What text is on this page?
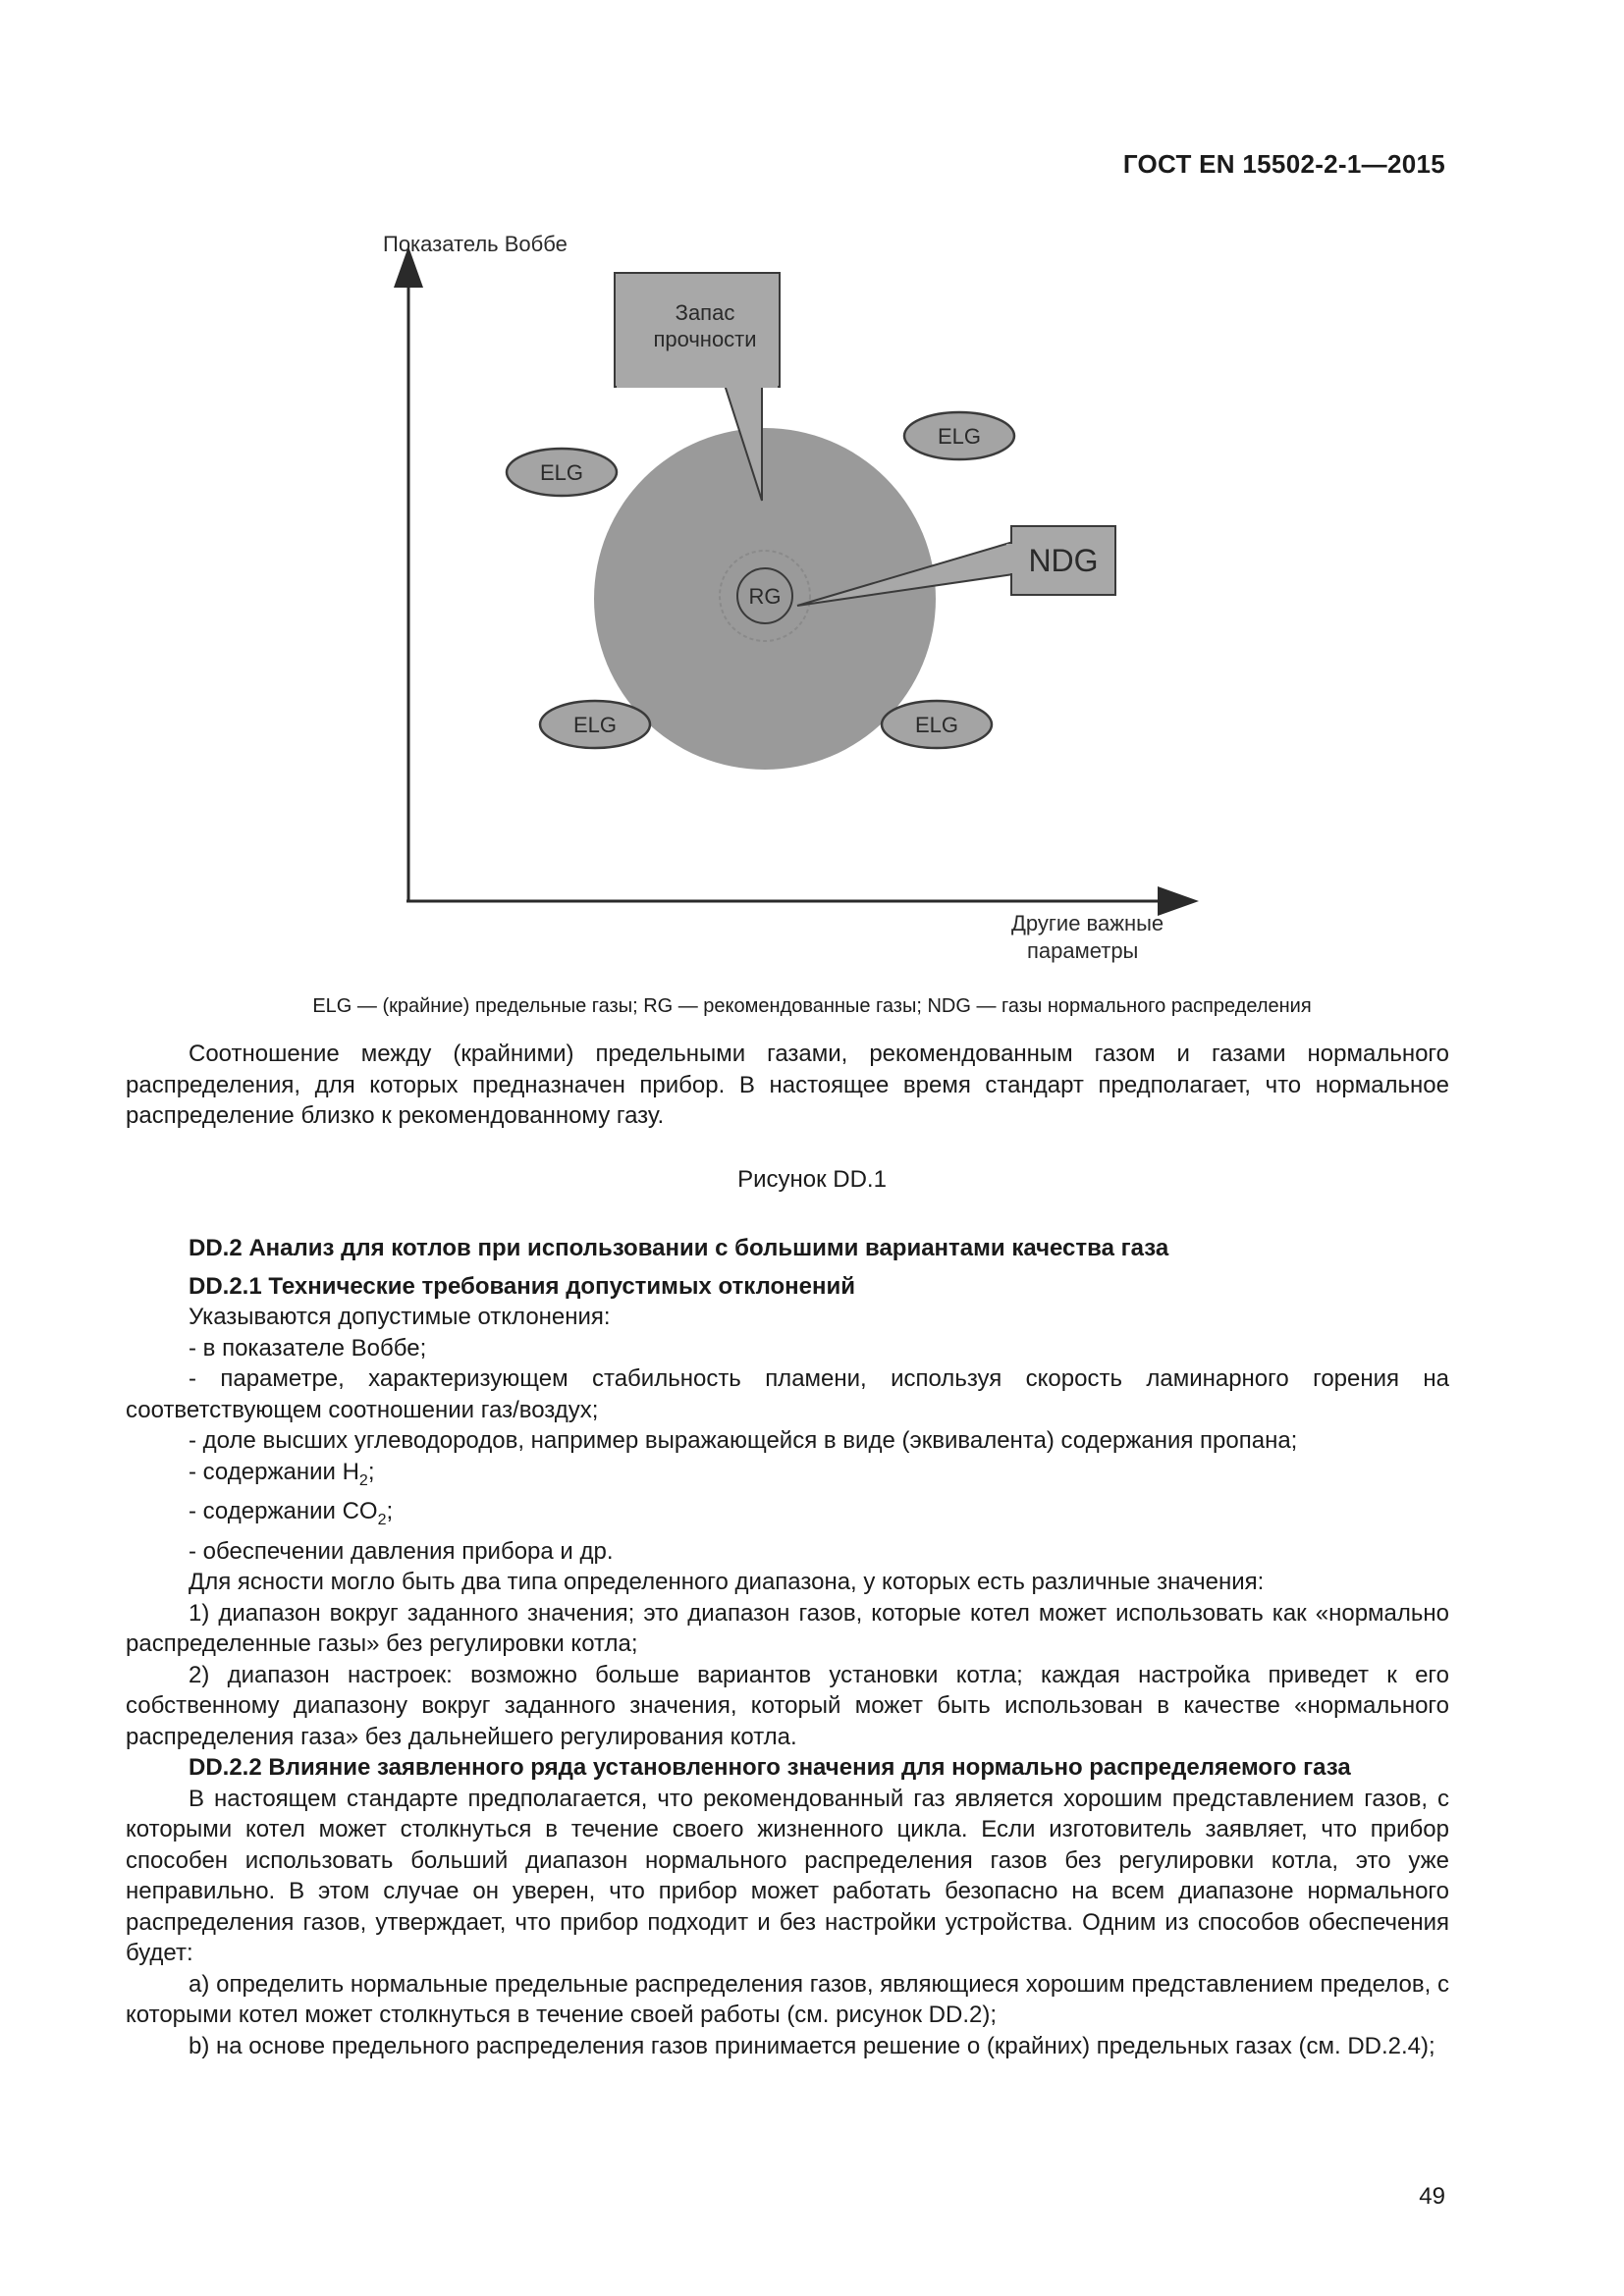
ГОСТ EN 15502-2-1—2015
Показатель Воббе
Другие важные
параметры
Запас
прочности
RG
NDG
ELG
ELG
ELG	ELG
ELG — (крайние) предельные газы; RG — рекомендованные газы; NDG — газы нормального распределения

Соотношение между (крайними) предельными газами, рекомендованным газом и газами нормального распределения, для которых предназначен прибор. В настоящее время стандарт предполагает, что нормальное распределение близко к рекомендованному газу.

Рисунок DD.1

DD.2 Анализ для котлов при использовании с большими вариантами качества газа

DD.2.1 Технические требования допустимых отклонений

Указываются допустимые отклонения:

- в показателе Воббе;

- параметре, характеризующем стабильность пламени, используя скорость ламинарного горения на соответствующем соотношении газ/воздух;

- доле высших углеводородов, например выражающейся в виде (эквивалента) содержания пропана;

- содержании $H_2$;

- содержании $CO_2$;

- обеспечении давления прибора и др.

Для ясности могло быть два типа определенного диапазона, у которых есть различные значения:

1) диапазон вокруг заданного значения; это диапазон газов, которые котел может использовать как «нормально распределенные газы» без регулировки котла;

2) диапазон настроек: возможно больше вариантов установки котла; каждая настройка приведет к его собственному диапазону вокруг заданного значения, который может быть использован в качестве «нормального распределения газа» без дальнейшего регулирования котла.

DD.2.2 Влияние заявленного ряда установленного значения для нормально распределяемого газа

В настоящем стандарте предполагается, что рекомендованный газ является хорошим представлением газов, с которыми котел может столкнуться в течение своего жизненного цикла. Если изготовитель заявляет, что прибор способен использовать больший диапазон нормального распределения газов без регулировки котла, это уже неправильно. В этом случае он уверен, что прибор может работать безопасно на всем диапазоне нормального распределения газов, утверждает, что прибор подходит и без настройки устройства. Одним из способов обеспечения будет:

a) определить нормальные предельные распределения газов, являющиеся хорошим представлением пределов, с которыми котел может столкнуться в течение своей работы (см. рисунок DD.2);

b) на основе предельного распределения газов принимается решение о (крайних) предельных газах (см. DD.2.4);

49
